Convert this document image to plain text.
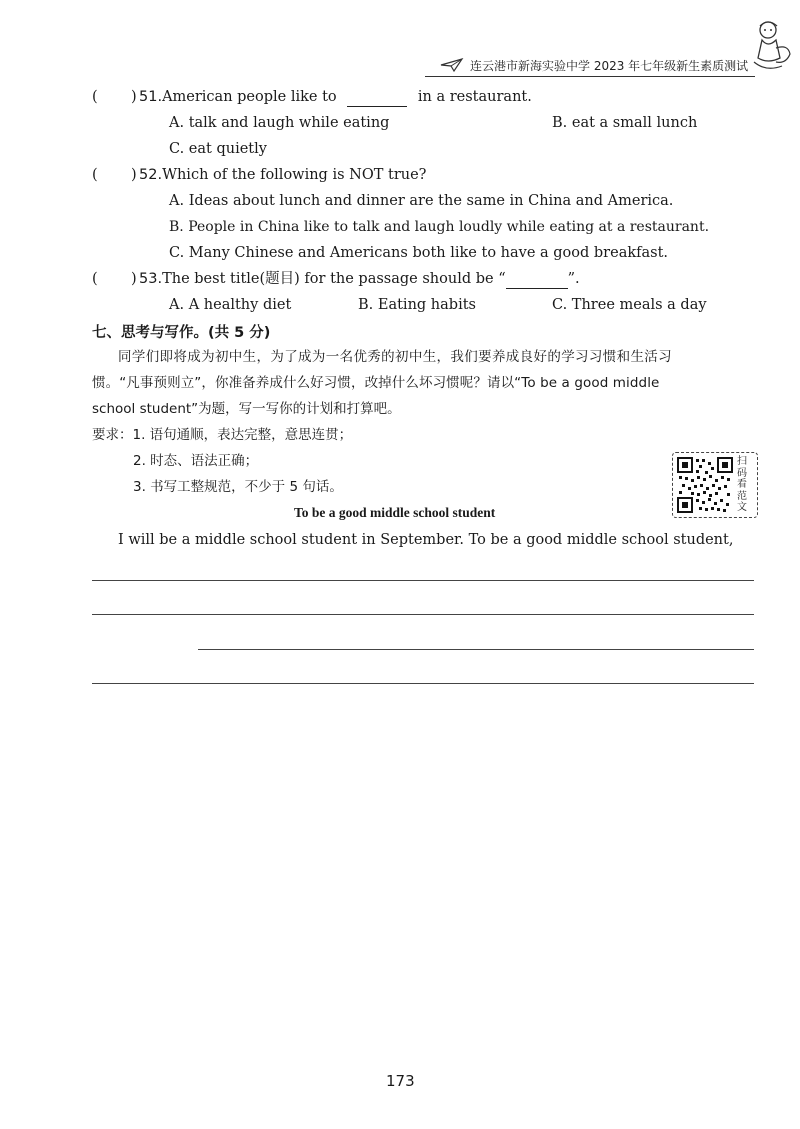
连云港市新海实验中学 2023 年七年级新生素质测试
( ) 51.American people like to	in a restaurant.
A. talk and laugh while eating	B. eat a small lunch
C. eat quietly
( ) 52.Which of the following is NOT true?
A. Ideas about lunch and dinner are the same in China and America.
B. People in China like to talk and laugh loudly while eating at a restaurant.
C. Many Chinese and Americans both like to have a good breakfast.
( ) 53.The best title(题目) for the passage should be “	”.
A. A healthy diet	B. Eating habits	C. Three meals a day
七、思考与写作。(共 5 分)
同学们即将成为初中生，为了成为一名优秀的初中生，我们要养成良好的学习习惯和生活习
惯。“凡事预则立”，你准备养成什么好习惯，改掉什么坏习惯呢？请以“To be a good middle
school student”为题，写一写你的计划和打算吧。
要求：1. 语句通顺，表达完整，意思连贯；
2. 时态、语法正确；
3. 书写工整规范，不少于 5 句话。
扫码看范文
To be a good middle school student
I will be a middle school student in September. To be a good middle school student,
173
